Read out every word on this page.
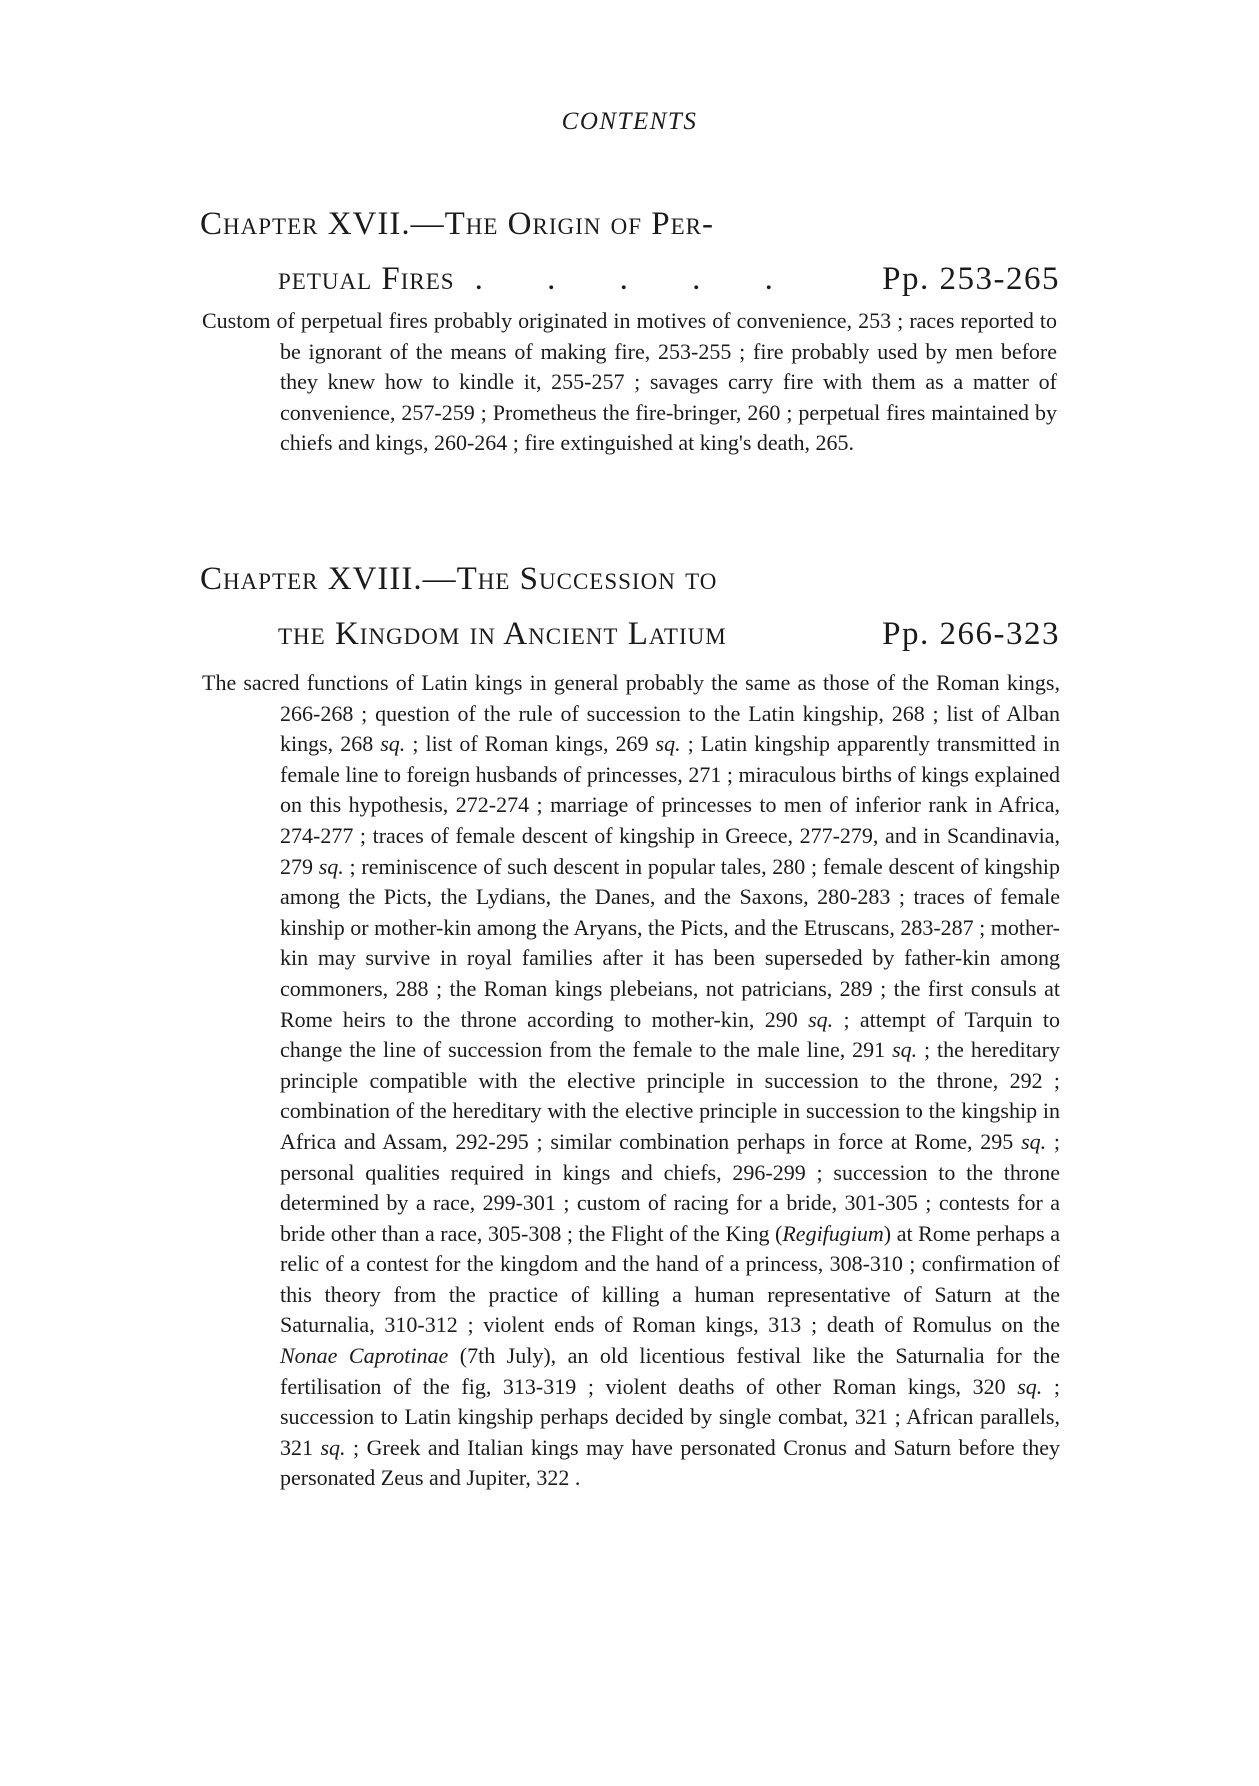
CONTENTS
Chapter XVII.—The Origin of Per-
petual Fires . . . . . Pp. 253-265
Custom of perpetual fires probably originated in motives of convenience, 253 ; races reported to be ignorant of the means of making fire, 253-255 ; fire probably used by men before they knew how to kindle it, 255-257 ; savages carry fire with them as a matter of convenience, 257-259 ; Prometheus the fire-bringer, 260 ; perpetual fires maintained by chiefs and kings, 260-264 ; fire extinguished at king's death, 265.
Chapter XVIII.—The Succession to
the Kingdom in Ancient Latium	Pp. 266-323
The sacred functions of Latin kings in general probably the same as those of the Roman kings, 266-268 ; question of the rule of succession to the Latin kingship, 268 ; list of Alban kings, 268 sq. ; list of Roman kings, 269 sq. ; Latin kingship apparently transmitted in female line to foreign husbands of princesses, 271 ; miraculous births of kings explained on this hypothesis, 272-274 ; marriage of princesses to men of inferior rank in Africa, 274-277 ; traces of female descent of kingship in Greece, 277-279, and in Scandinavia, 279 sq. ; reminiscence of such descent in popular tales, 280 ; female descent of kingship among the Picts, the Lydians, the Danes, and the Saxons, 280-283 ; traces of female kinship or mother-kin among the Aryans, the Picts, and the Etruscans, 283-287 ; mother-kin may survive in royal families after it has been superseded by father-kin among commoners, 288 ; the Roman kings plebeians, not patricians, 289 ; the first consuls at Rome heirs to the throne according to mother-kin, 290 sq. ; attempt of Tarquin to change the line of succession from the female to the male line, 291 sq. ; the hereditary principle compatible with the elective principle in succession to the throne, 292 ; combination of the hereditary with the elective principle in succession to the kingship in Africa and Assam, 292-295 ; similar combination perhaps in force at Rome, 295 sq. ; personal qualities required in kings and chiefs, 296-299 ; succession to the throne determined by a race, 299-301 ; custom of racing for a bride, 301-305 ; contests for a bride other than a race, 305-308 ; the Flight of the King (Regifugium) at Rome perhaps a relic of a contest for the kingdom and the hand of a princess, 308-310 ; confirmation of this theory from the practice of killing a human representative of Saturn at the Saturnalia, 310-312 ; violent ends of Roman kings, 313 ; death of Romulus on the Nonae Caprotinae (7th July), an old licentious festival like the Saturnalia for the fertilisation of the fig, 313-319 ; violent deaths of other Roman kings, 320 sq. ; succession to Latin kingship perhaps decided by single combat, 321 ; African parallels, 321 sq. ; Greek and Italian kings may have personated Cronus and Saturn before they personated Zeus and Jupiter, 322 .
